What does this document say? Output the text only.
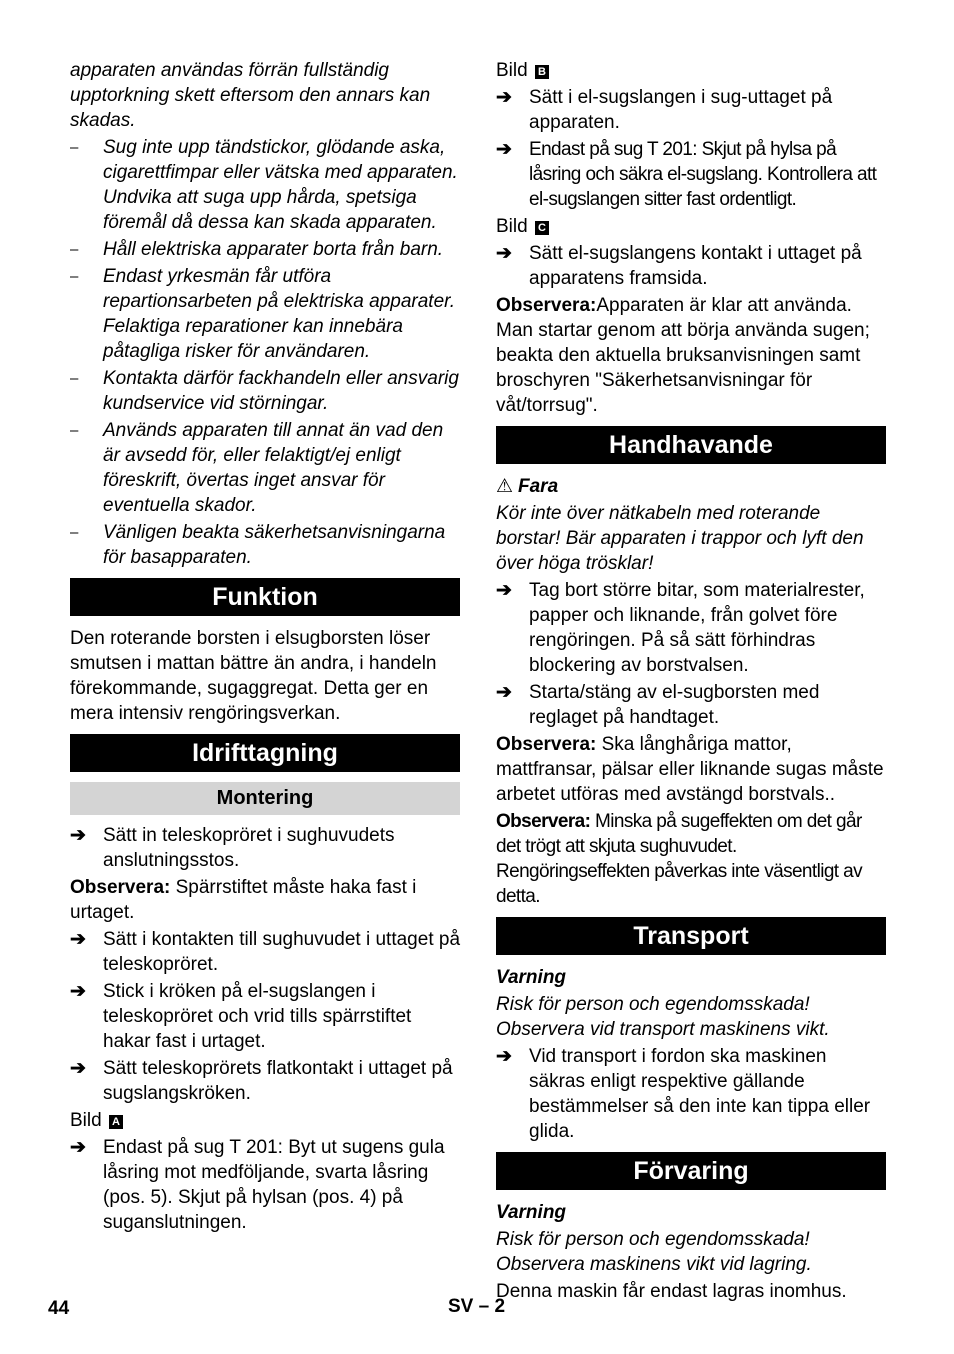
apparaten användas förrän fullständig upptorkning skett eftersom den annars kan skadas.

– Sug inte upp tändstickor, glödande aska, cigarettfimpar eller vätska med apparaten. Undvika att suga upp hårda, spetsiga föremål då dessa kan skada apparaten.
– Håll elektriska apparater borta från barn.
– Endast yrkesmän får utföra repartionsarbeten på elektriska apparater. Felaktiga reparationer kan innebära påtagliga risker för användaren.
– Kontakta därför fackhandeln eller ansvarig kundservice vid störningar.
– Används apparaten till annat än vad den är avsedd för, eller felaktigt/ej enligt föreskrift, övertas inget ansvar för eventuella skador.
– Vänligen beakta säkerhetsanvisningarna för basapparaten.
Funktion

Den roterande borsten i elsugborsten löser smutsen i mattan bättre än andra, i handeln förekommande, sugaggregat. Detta ger en mera intensiv rengöringsverkan.

Idrifttagning
Montering
➔ Sätt in teleskopröret i sughuvudets anslutningsstos.

Observera: Spärrstiftet måste haka fast i urtaget.

➔ Sätt i kontakten till sughuvudet i uttaget på teleskopröret.
➔ Stick i kröken på el-sugslangen i teleskopröret och vrid tills spärrstiftet hakar fast i urtaget.
➔ Sätt teleskoprörets flatkontakt i uttaget på sugslangskröken.

Bild A

➔ Endast på sug T 201: Byt ut sugens gula låsring mot medföljande, svarta låsring (pos. 5). Skjut på hylsan (pos. 4) på suganslutningen.

Bild B

➔ Sätt i el-sugslangen i sug-uttaget på apparaten.
➔ Endast på sug T 201: Skjut på hylsa på låsring och säkra el-sugslang. Kontrollera att el-sugslangen sitter fast ordentligt.

Bild C

➔ Sätt el-sugslangens kontakt i uttaget på apparatens framsida.

Observera:Apparaten är klar att använda. Man startar genom att börja använda sugen; beakta den aktuella bruksanvisningen samt broschyren "Säkerhetsanvisningar för våt/torrsug".

Handhavande
⚠ Fara

Kör inte över nätkabeln med roterande borstar! Bär apparaten i trappor och lyft den över höga trösklar!

➔ Tag bort större bitar, som materialrester, papper och liknande, från golvet före rengöringen. På så sätt förhindras blockering av borstvalsen.
➔ Starta/stäng av el-sugborsten med reglaget på handtaget.

Observera: Ska långhåriga mattor, mattfransar, pälsar eller liknande sugas måste arbetet utföras med avstängd borstvals..

Observera: Minska på sugeffekten om det går det trögt att skjuta sughuvudet. Rengöringseffekten påverkas inte väsentligt av detta.

Transport
Varning

Risk för person och egendomsskada! Observera vid transport maskinens vikt.

➔ Vid transport i fordon ska maskinen säkras enligt respektive gällande bestämmelser så den inte kan tippa eller glida.
Förvaring
Varning

Risk för person och egendomsskada! Observera maskinens vikt vid lagring.

Denna maskin får endast lagras inomhus.

44	SV – 2
